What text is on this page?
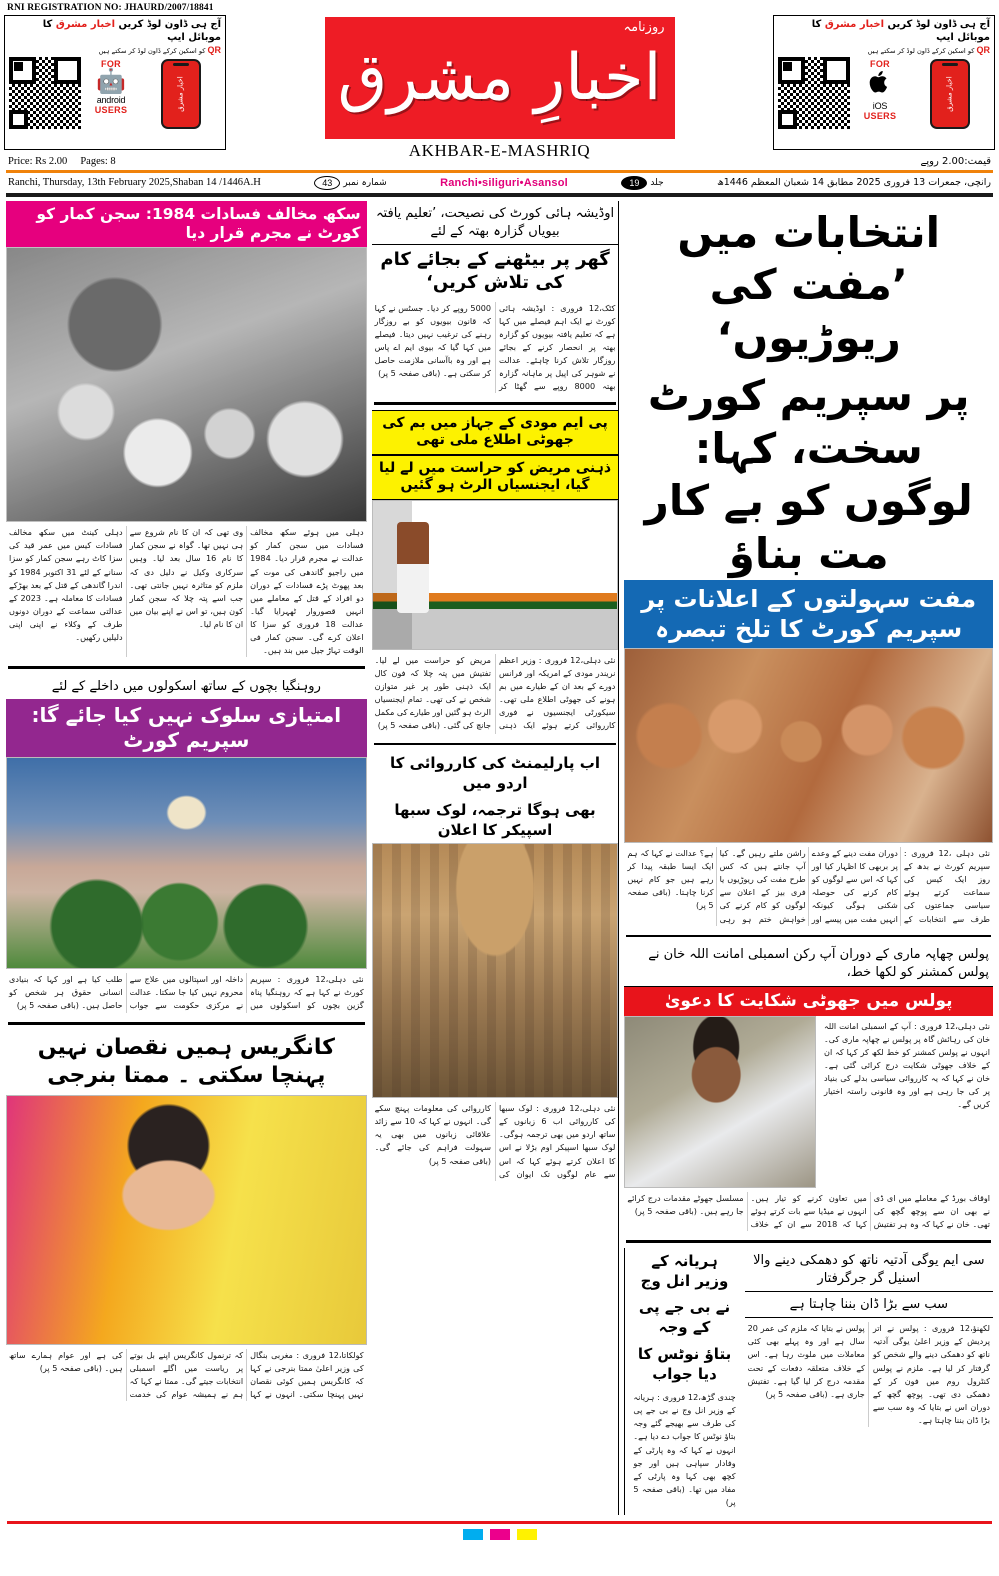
RNI REGISTRATION NO: JHAURD/2007/18841
آج ہی ڈاون لوڈ کریں اخبار مشرق کا موبائل ایپ
QR کو اسکین کرکے ڈاون لوڈ کر سکتے ہیں
FOR
🤖
android
USERS	اخبار مشرق
روزنامہ
اخبارِ مشرق
AKHBAR-E-MASHRIQ
آج ہی ڈاون لوڈ کریں اخبار مشرق کا موبائل ایپ
QR کو اسکین کرکے ڈاون لوڈ کر سکتے ہیں
FOR
iOS
USERS
اخبار مشرق
Price: Rs 2.00 Pages: 8	قیمت:2.00 روپے
Ranchi, Thursday, 13th February 2025,Shaban 14 /1446A.H	43	شمارہ نمبر	Ranchi•siliguri•Asansol	19	جلد	رانچی، جمعرات 13 فروری 2025 مطابق 14 شعبان المعظم 1446ھ
سکھ مخالف فسادات 1984: سجن کمار کو کورٹ نے مجرم قرار دیا

دہلی میں ہوئے سکھ مخالف فسادات میں سجن کمار کو عدالت نے مجرم قرار دیا۔ 1984 میں راجیو گاندھی کی موت کے بعد پھوٹ پڑے فسادات کے دوران دو افراد کے قتل کے معاملے میں انہیں قصوروار ٹھہرایا گیا۔ عدالت 18 فروری کو سزا کا اعلان کرے گی۔ سجن کمار فی الوقت تہاڑ جیل میں بند ہیں۔

وی تھی کہ ان کا نام شروع سے ہی نہیں تھا۔ گواہ نے سجن کمار کا نام 16 سال بعد لیا۔ وہیں سرکاری وکیل نے دلیل دی کہ ملزم کو متاثرہ نہیں جانتی تھی۔ جب اسے پتہ چلا کہ سجن کمار کون ہیں، تو اس نے اپنے بیان میں ان کا نام لیا۔

دہلی کینٹ میں سکھ مخالف فسادات کیس میں عمر قید کی سزا کاٹ رہے سجن کمار کو سزا سنانے کے لئے 31 اکتوبر 1984 کو اندرا گاندھی کے قتل کے بعد بھڑکے فسادات کا معاملہ ہے۔ 2023 کے عدالتی سماعت کے دوران دونوں طرف کے وکلاء نے اپنی اپنی دلیلیں رکھیں۔

روہنگیا بچوں کے ساتھ اسکولوں میں داخلے کے لئے
امتیازی سلوک نہیں کیا جائے گا: سپریم کورٹ

نئی دہلی،12 فروری : سپریم کورٹ نے کہا ہے کہ روہنگیا پناہ گزین بچوں کو اسکولوں میں داخلہ اور اسپتالوں میں علاج سے محروم نہیں کیا جا سکتا۔ عدالت نے مرکزی حکومت سے جواب طلب کیا ہے اور کہا کہ بنیادی انسانی حقوق ہر شخص کو حاصل ہیں۔ (باقی صفحہ 5 پر)

کانگریس ہمیں نقصان نہیں پہنچا سکتی ۔ ممتا بنرجی

کولکاتا،12 فروری : مغربی بنگال کی وزیر اعلیٰ ممتا بنرجی نے کہا کہ کانگریس ہمیں کوئی نقصان نہیں پہنچا سکتی۔ انہوں نے کہا کہ ترنمول کانگریس اپنے بل بوتے پر ریاست میں اگلے اسمبلی انتخابات جیتے گی۔ ممتا نے کہا کہ ہم نے ہمیشہ عوام کی خدمت کی ہے اور عوام ہمارے ساتھ ہیں۔ (باقی صفحہ 5 پر)

اوڈیشہ ہائی کورٹ کی نصیحت، ’تعلیم یافتہ بیویاں گزارہ بھتہ کے لئے
گھر پر بیٹھنے کے بجائے کام کی تلاش کریں‘

کٹک،12 فروری : اوڈیشہ ہائی کورٹ نے ایک اہم فیصلے میں کہا ہے کہ تعلیم یافتہ بیویوں کو گزارہ بھتہ پر انحصار کرنے کے بجائے روزگار تلاش کرنا چاہئے۔ عدالت نے شوہر کی اپیل پر ماہانہ گزارہ بھتہ 8000 روپے سے گھٹا کر 5000 روپے کر دیا۔ جسٹس نے کہا کہ قانون بیویوں کو بے روزگار رہنے کی ترغیب نہیں دیتا۔ فیصلے میں کہا گیا کہ بیوی ایم اے پاس ہے اور وہ باآسانی ملازمت حاصل کر سکتی ہے۔ (باقی صفحہ 5 پر)

پی ایم مودی کے جہاز میں بم کی جھوٹی اطلاع ملی تھی
ذہنی مریض کو حراست میں لے لیا گیا، ایجنسیاں الرٹ ہو گئیں

نئی دہلی،12 فروری : وزیر اعظم نریندر مودی کے امریکہ اور فرانس دورے کے بعد ان کے طیارے میں بم ہونے کی جھوٹی اطلاع ملی تھی۔ سیکورٹی ایجنسیوں نے فوری کارروائی کرتے ہوئے ایک ذہنی مریض کو حراست میں لے لیا۔ تفتیش میں پتہ چلا کہ فون کال ایک ذہنی طور پر غیر متوازن شخص نے کی تھی۔ تمام ایجنسیاں الرٹ ہو گئیں اور طیارے کی مکمل جانچ کی گئی۔ (باقی صفحہ 5 پر)

اب پارلیمنٹ کی کارروائی کا اردو میں
بھی ہوگا ترجمہ، لوک سبھا اسپیکر کا اعلان

نئی دہلی،12 فروری : لوک سبھا کی کارروائی اب 6 زبانوں کے ساتھ اردو میں بھی ترجمہ ہوگی۔ لوک سبھا اسپیکر اوم بڑلا نے اس کا اعلان کرتے ہوئے کہا کہ اس سے عام لوگوں تک ایوان کی کارروائی کی معلومات پہنچ سکے گی۔ انہوں نے کہا کہ 10 سے زائد علاقائی زبانوں میں بھی یہ سہولت فراہم کی جائے گی۔ (باقی صفحہ 5 پر)

انتخابات میں ’مفت کی ریوڑیوں‘
پر سپریم کورٹ سخت، کہا: لوگوں کو بے کار مت بناؤ
مفت سہولتوں کے اعلانات پر سپریم کورٹ کا تلخ تبصرہ

نئی دہلی ،12 فروری : سپریم کورٹ نے بدھ کے روز ایک کیس کی سماعت کرتے ہوئے سیاسی جماعتوں کی طرف سے انتخابات کے دوران مفت دینے کے وعدے پر بربھی کا اظہار کیا اور کہا کہ اس سے لوگوں کو کام کرنے کی حوصلہ شکنی ہوگی کیونکہ انہیں مفت میں پیسے اور راشن ملتے رہیں گے۔ کیا آپ جانتے ہیں کہ کس طرح مفت کی ریوڑیوں یا فری بیز کے اعلان سے لوگوں کو کام کرنے کی خواہش ختم ہو رہی ہے؟ عدالت نے کہا کہ ہم ایک ایسا طبقہ پیدا کر رہے ہیں جو کام نہیں کرنا چاہتا۔ (باقی صفحہ 5 پر)

پولس چھاپہ ماری کے دوران آپ رکن اسمبلی امانت اللہ خان نے پولس کمشنر کو لکھا خط،
پولس میں جھوٹی شکایت کا دعویٰ

نئی دہلی،12 فروری : آپ کے اسمبلی امانت اللہ خان کی رہائش گاہ پر پولس نے چھاپہ ماری کی۔ انہوں نے پولس کمشنر کو خط لکھ کر کہا کہ ان کے خلاف جھوٹی شکایت درج کرائی گئی ہے۔ خان نے کہا کہ یہ کارروائی سیاسی بدلے کی بنیاد پر کی جا رہی ہے اور وہ قانونی راستہ اختیار کریں گے۔

اوقاف بورڈ کے معاملے میں ای ڈی نے بھی ان سے پوچھ گچھ کی تھی۔ خان نے کہا کہ وہ ہر تفتیش میں تعاون کرنے کو تیار ہیں۔ انہوں نے میڈیا سے بات کرتے ہوئے کہا کہ 2018 سے ان کے خلاف مسلسل جھوٹے مقدمات درج کرائے جا رہے ہیں۔ (باقی صفحہ 5 پر)

ہریانہ کے وزیر انل وج
نے بی جے پی کے وجہ
بتاؤ نوٹس کا دیا جواب

چندی گڑھ،12 فروری : ہریانہ کے وزیر انل وج نے بی جے پی کی طرف سے بھیجے گئے وجہ بتاؤ نوٹس کا جواب دے دیا ہے۔ انہوں نے کہا کہ وہ پارٹی کے وفادار سپاہی ہیں اور جو کچھ بھی کہا وہ پارٹی کے مفاد میں تھا۔ (باقی صفحہ 5 پر)

سی ایم یوگی آدتیہ ناتھ کو دھمکی دینے والا اسنیل گر جرگرفتار
سب سے بڑا ڈان بننا چاہتا ہے

لکھنؤ،12 فروری : پولس نے اتر پردیش کے وزیر اعلیٰ یوگی آدتیہ ناتھ کو دھمکی دینے والے شخص کو گرفتار کر لیا ہے۔ ملزم نے پولس کنٹرول روم میں فون کر کے دھمکی دی تھی۔ پوچھ گچھ کے دوران اس نے بتایا کہ وہ سب سے بڑا ڈان بننا چاہتا ہے۔

پولس نے بتایا کہ ملزم کی عمر 20 سال ہے اور وہ پہلے بھی کئی معاملات میں ملوث رہا ہے۔ اس کے خلاف متعلقہ دفعات کے تحت مقدمہ درج کر لیا گیا ہے۔ تفتیش جاری ہے۔ (باقی صفحہ 5 پر)
